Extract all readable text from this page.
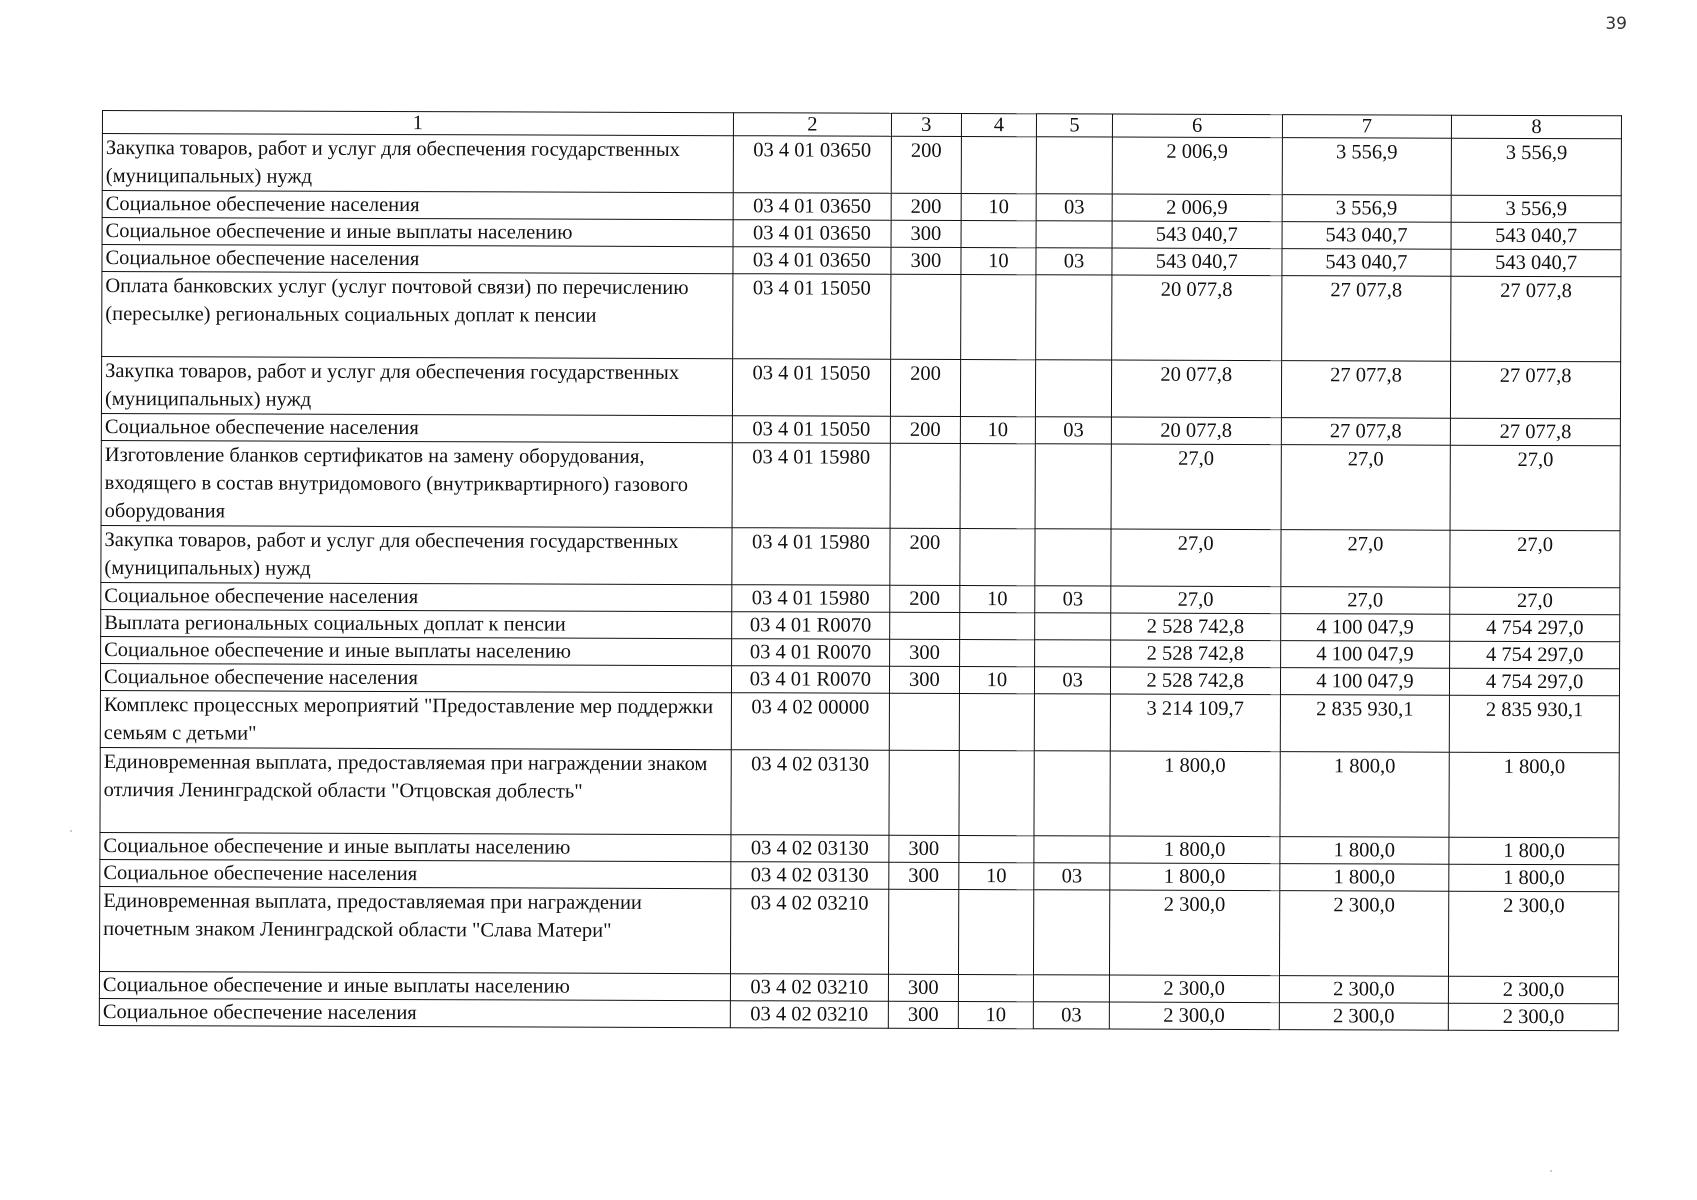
39
1	2	3	4	5	6	7	8
Закупка товаров, работ и услуг для обеспечения государственных (муниципальных) нужд	03 4 01 03650	200			2 006,9	3 556,9	3 556,9
Социальное обеспечение населения	03 4 01 03650	200	10	03	2 006,9	3 556,9	3 556,9
Социальное обеспечение и иные выплаты населению	03 4 01 03650	300			543 040,7	543 040,7	543 040,7
Социальное обеспечение населения	03 4 01 03650	300	10	03	543 040,7	543 040,7	543 040,7
Оплата банковских услуг (услуг почтовой связи) по перечислению (пересылке) региональных социальных доплат к пенсии	03 4 01 15050				20 077,8	27 077,8	27 077,8
Закупка товаров, работ и услуг для обеспечения государственных (муниципальных) нужд	03 4 01 15050	200			20 077,8	27 077,8	27 077,8
Социальное обеспечение населения	03 4 01 15050	200	10	03	20 077,8	27 077,8	27 077,8
Изготовление бланков сертификатов на замену оборудования, входящего в состав внутридомового (внутриквартирного) газового оборудования	03 4 01 15980				27,0	27,0	27,0
Закупка товаров, работ и услуг для обеспечения государственных (муниципальных) нужд	03 4 01 15980	200			27,0	27,0	27,0
Социальное обеспечение населения	03 4 01 15980	200	10	03	27,0	27,0	27,0
Выплата региональных социальных доплат к пенсии	03 4 01 R0070				2 528 742,8	4 100 047,9	4 754 297,0
Социальное обеспечение и иные выплаты населению	03 4 01 R0070	300			2 528 742,8	4 100 047,9	4 754 297,0
Социальное обеспечение населения	03 4 01 R0070	300	10	03	2 528 742,8	4 100 047,9	4 754 297,0
Комплекс процессных мероприятий "Предоставление мер поддержки семьям с детьми"	03 4 02 00000				3 214 109,7	2 835 930,1	2 835 930,1
Единовременная выплата, предоставляемая при награждении знаком отличия Ленинградской области "Отцовская доблесть"	03 4 02 03130				1 800,0	1 800,0	1 800,0
Социальное обеспечение и иные выплаты населению	03 4 02 03130	300			1 800,0	1 800,0	1 800,0
Социальное обеспечение населения	03 4 02 03130	300	10	03	1 800,0	1 800,0	1 800,0
Единовременная выплата, предоставляемая при награждении почетным знаком Ленинградской области "Слава Матери"	03 4 02 03210				2 300,0	2 300,0	2 300,0
Социальное обеспечение и иные выплаты населению	03 4 02 03210	300			2 300,0	2 300,0	2 300,0
Социальное обеспечение населения	03 4 02 03210	300	10	03	2 300,0	2 300,0	2 300,0
